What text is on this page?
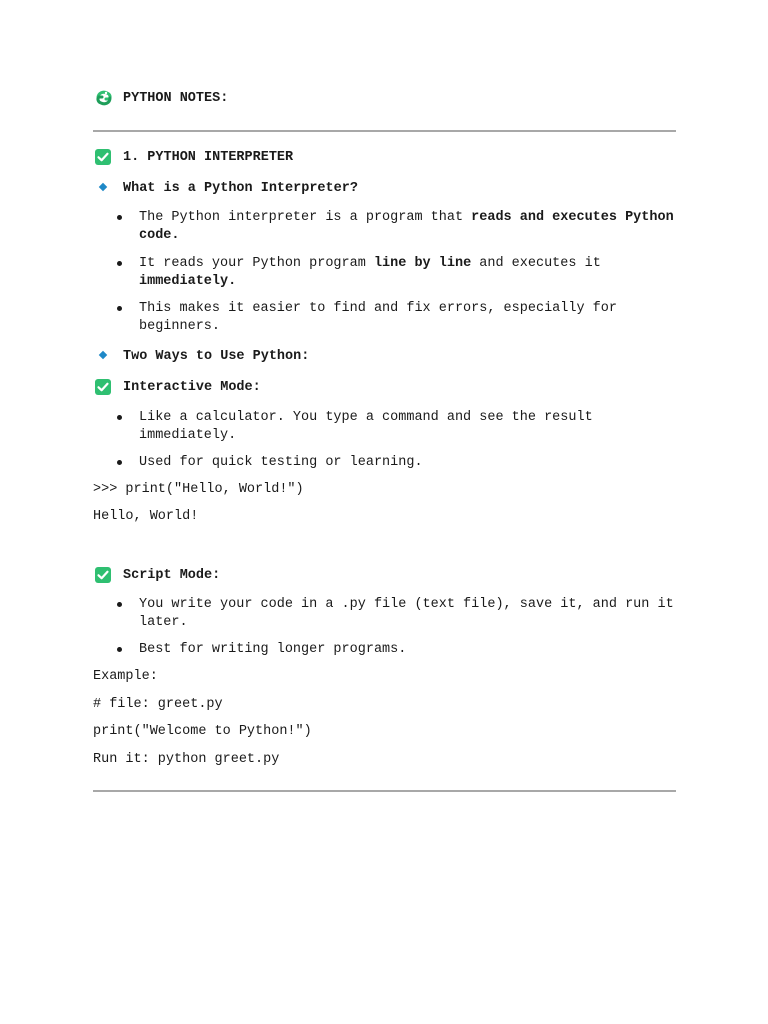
PYTHON NOTES:
1. PYTHON INTERPRETER
What is a Python Interpreter?
The Python interpreter is a program that reads and executes Python code.
It reads your Python program line by line and executes it immediately.
This makes it easier to find and fix errors, especially for beginners.
Two Ways to Use Python:
Interactive Mode:
Like a calculator. You type a command and see the result immediately.
Used for quick testing or learning.
>>> print("Hello, World!")
Hello, World!
Script Mode:
You write your code in a .py file (text file), save it, and run it later.
Best for writing longer programs.
Example:
# file: greet.py
print("Welcome to Python!")
Run it: python greet.py
